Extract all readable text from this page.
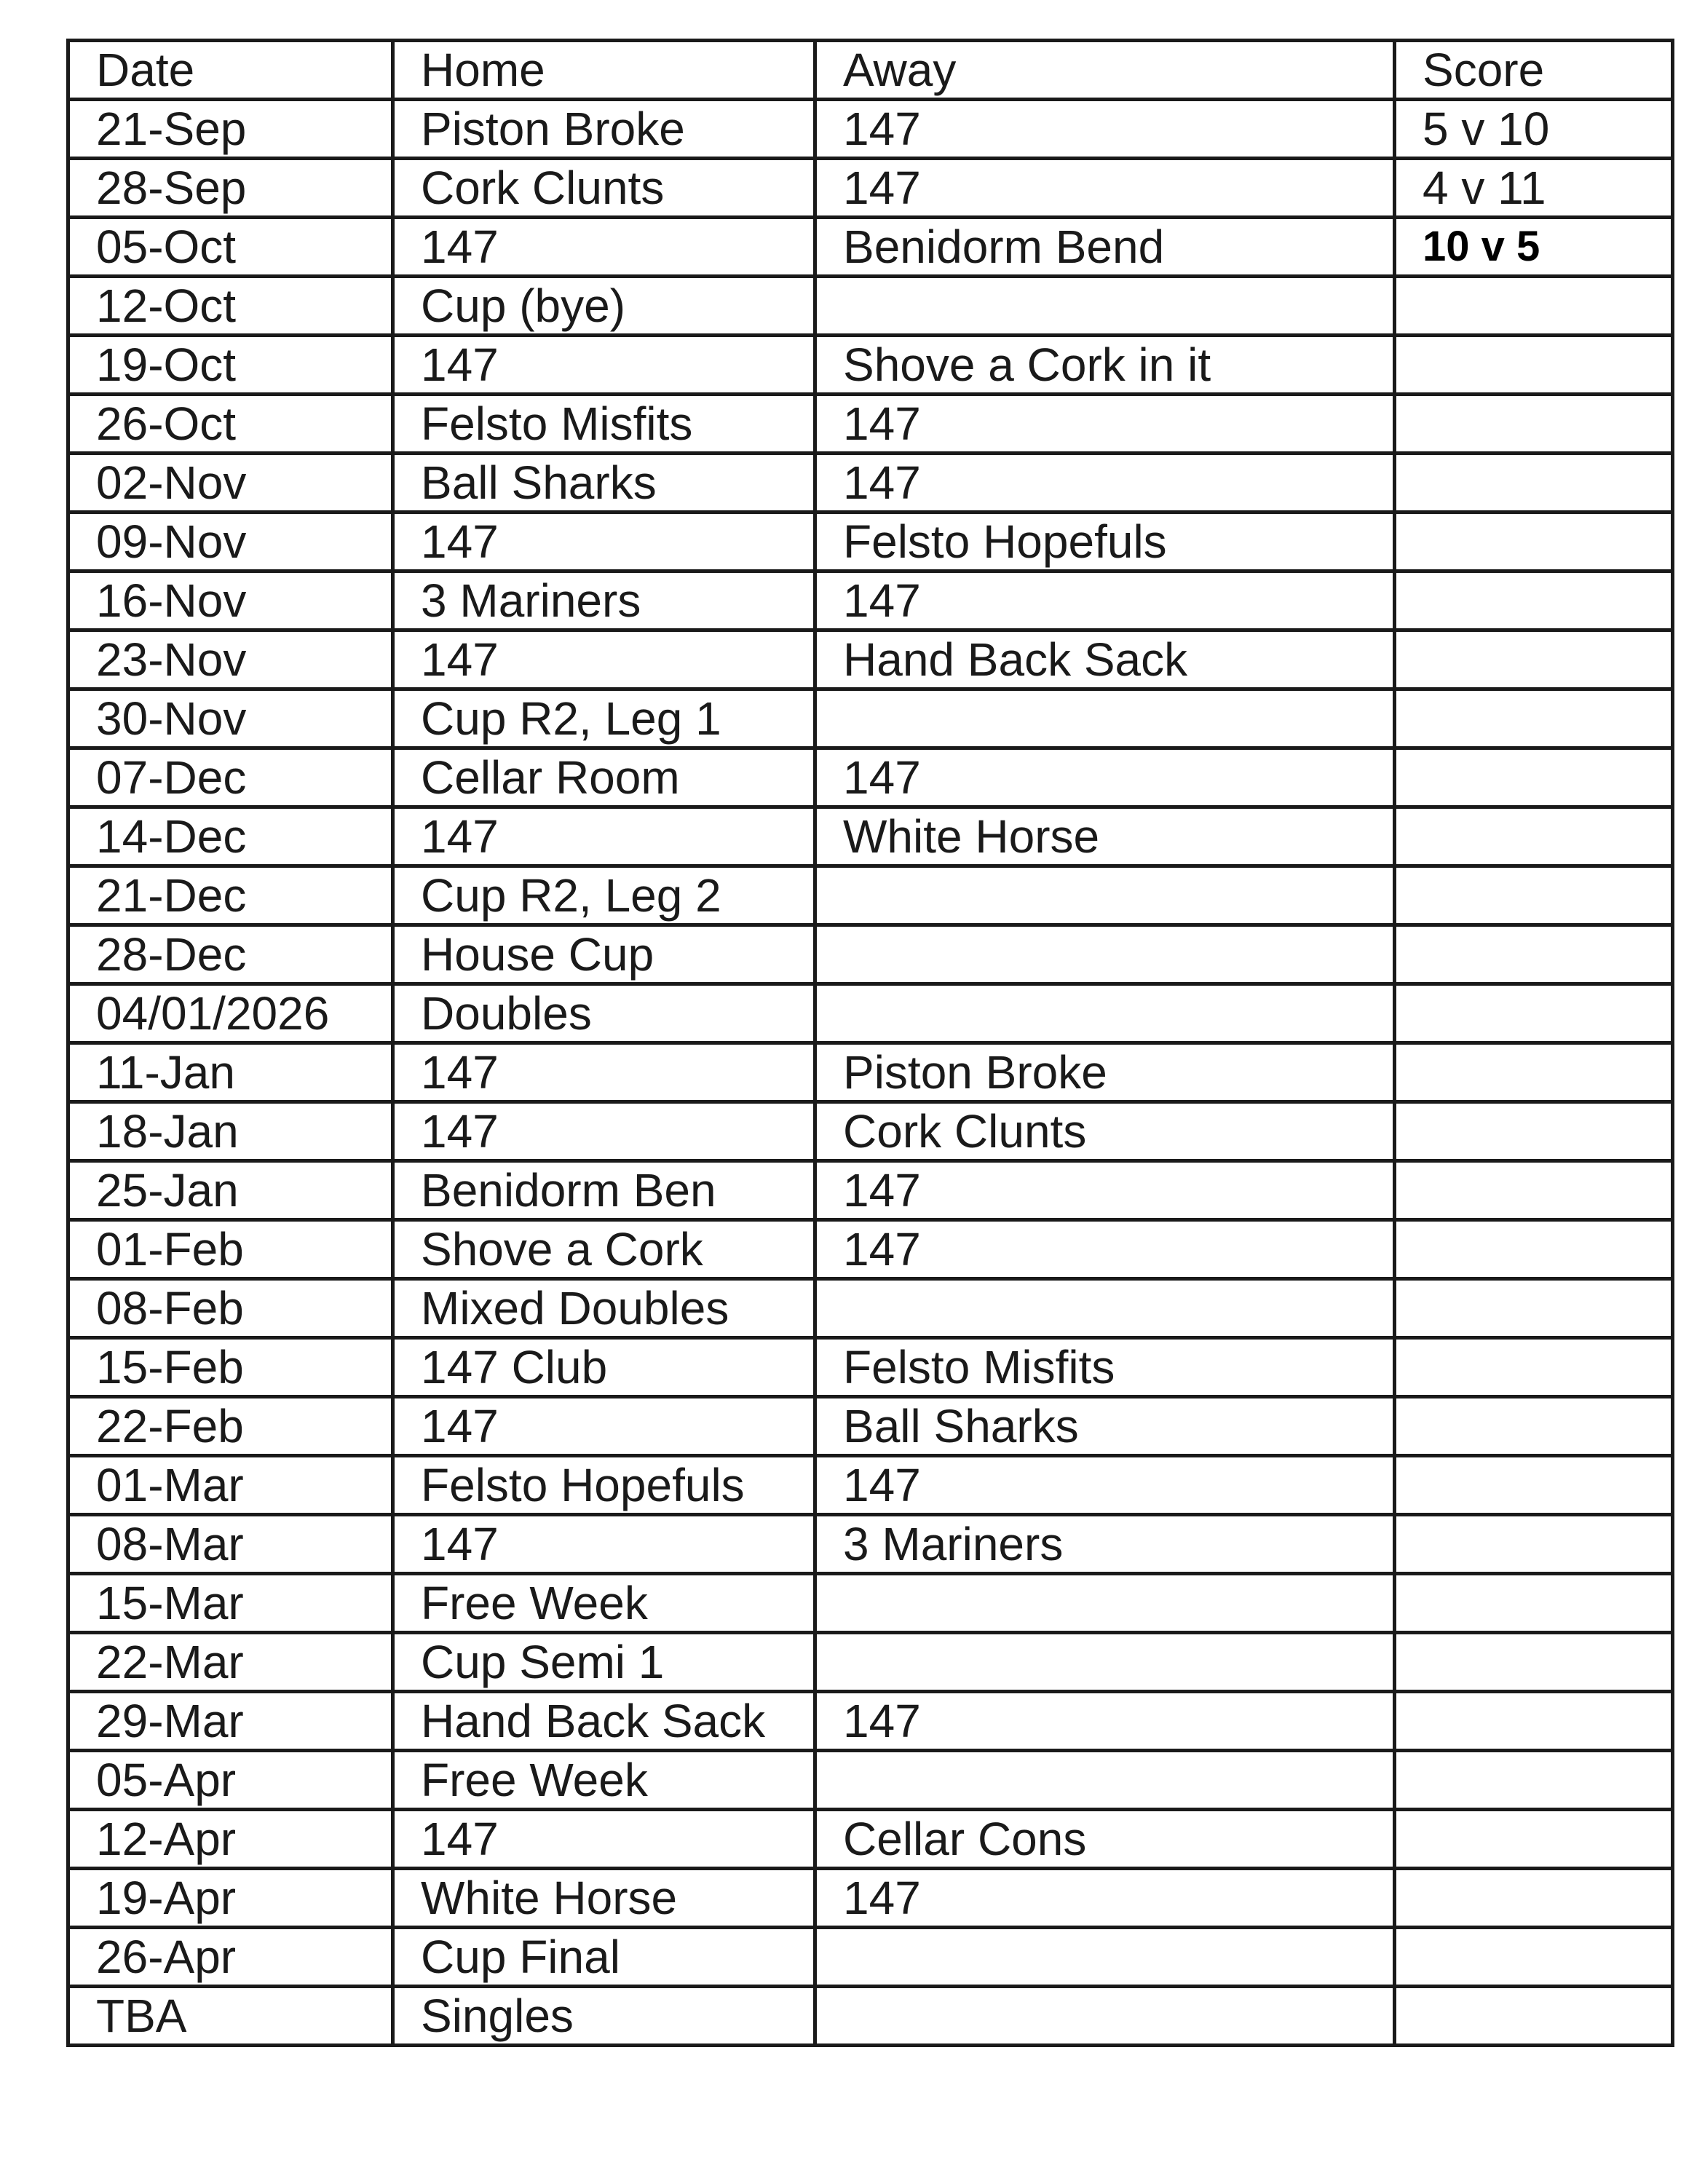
Date	Home	Away	Score
21-Sep	Piston Broke	147	5 v 10
28-Sep	Cork Clunts	147	4 v 11
05-Oct	147	Benidorm Bend	10 v 5
12-Oct	Cup (bye)		
19-Oct	147	Shove a Cork in it	
26-Oct	Felsto Misfits	147	
02-Nov	Ball Sharks	147	
09-Nov	147	Felsto Hopefuls	
16-Nov	3 Mariners	147	
23-Nov	147	Hand Back Sack	
30-Nov	Cup R2, Leg 1		
07-Dec	Cellar Room	147	
14-Dec	147	White Horse	
21-Dec	Cup R2, Leg 2		
28-Dec	House Cup		
04/01/2026	Doubles		
11-Jan	147	Piston Broke	
18-Jan	147	Cork Clunts	
25-Jan	Benidorm Ben	147	
01-Feb	Shove a Cork	147	
08-Feb	Mixed Doubles		
15-Feb	147 Club	Felsto Misfits	
22-Feb	147	Ball Sharks	
01-Mar	Felsto Hopefuls	147	
08-Mar	147	3 Mariners	
15-Mar	Free Week		
22-Mar	Cup Semi 1		
29-Mar	Hand Back Sack	147	
05-Apr	Free Week		
12-Apr	147	Cellar Cons	
19-Apr	White Horse	147	
26-Apr	Cup Final		
TBA	Singles		
